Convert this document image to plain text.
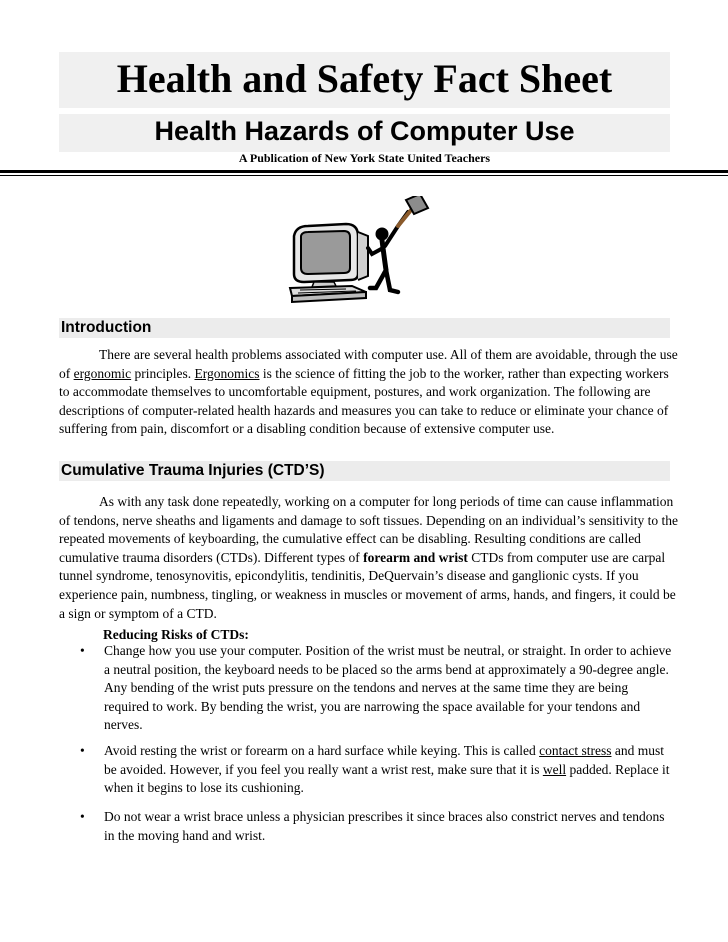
Health and Safety Fact Sheet
Health Hazards of Computer Use
A Publication of New York State United Teachers
Introduction

There are several health problems associated with computer use. All of them are avoidable, through the use of ergonomic principles. Ergonomics is the science of fitting the job to the worker, rather than expecting workers to accommodate themselves to uncomfortable equipment, postures, and work organization. The following are descriptions of computer-related health hazards and measures you can take to reduce or eliminate your chance of suffering from pain, discomfort or a disabling condition because of extensive computer use.

Cumulative Trauma Injuries (CTD’S)

As with any task done repeatedly, working on a computer for long periods of time can cause inflammation of tendons, nerve sheaths and ligaments and damage to soft tissues. Depending on an individual’s sensitivity to the repeated movements of keyboarding, the cumulative effect can be disabling. Resulting conditions are called cumulative trauma disorders (CTDs). Different types of forearm and wrist CTDs from computer use are carpal tunnel syndrome, tenosynovitis, epicondylitis, tendinitis, DeQuervain’s disease and ganglionic cysts. If you experience pain, numbness, tingling, or weakness in muscles or movement of arms, hands, and fingers, it could be a sign or symptom of a CTD.

Reducing Risks of CTDs:
•	Change how you use your computer. Position of the wrist must be neutral, or straight. In order to achieve a neutral position, the keyboard needs to be placed so the arms bend at approximately a 90-degree angle. Any bending of the wrist puts pressure on the tendons and nerves at the same time they are being required to work. By bending the wrist, you are narrowing the space available for your tendons and nerves.
•	Avoid resting the wrist or forearm on a hard surface while keying. This is called contact stress and must be avoided. However, if you feel you really want a wrist rest, make sure that it is well padded. Replace it when it begins to lose its cushioning.
•	Do not wear a wrist brace unless a physician prescribes it since braces also constrict nerves and tendons in the moving hand and wrist.
